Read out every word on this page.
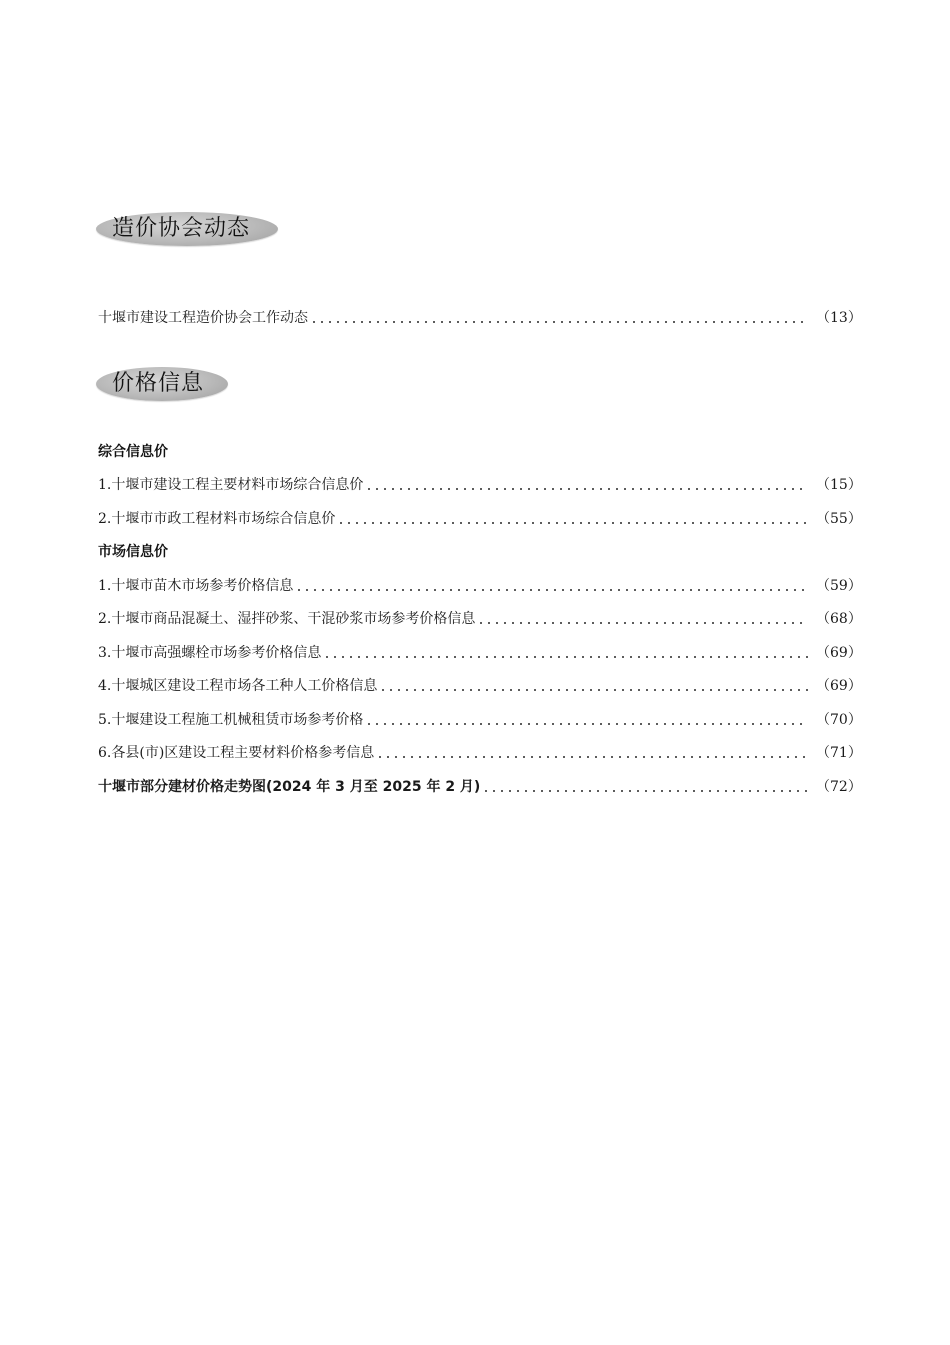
造价协会动态
十堰市建设工程造价协会工作动态	（13）
价格信息
综合信息价
1.十堰市建设工程主要材料市场综合信息价	（15）
2.十堰市市政工程材料市场综合信息价	（55）
市场信息价
1.十堰市苗木市场参考价格信息	（59）
2.十堰市商品混凝土、湿拌砂浆、干混砂浆市场参考价格信息	（68）
3.十堰市高强螺栓市场参考价格信息	（69）
4.十堰城区建设工程市场各工种人工价格信息	（69）
5.十堰建设工程施工机械租赁市场参考价格	（70）
6.各县(市)区建设工程主要材料价格参考信息	（71）
十堰市部分建材价格走势图(2024 年 3 月至 2025 年 2 月)	（72）
